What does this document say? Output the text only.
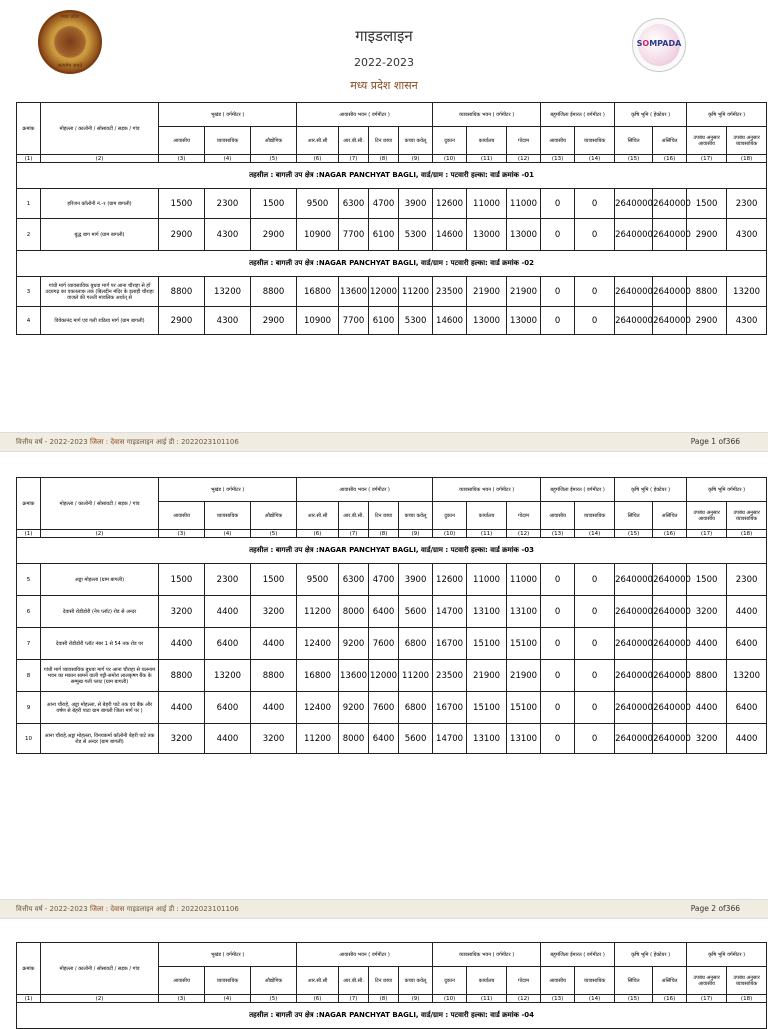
मध्य प्रदेश
सत्यमेव जयते
गाइडलाइन
2022-2023
मध्य प्रदेश शासन
SOMPADA
क्रमांक	मोहल्ला / कालोनी / सोसायटी / सड़क / गांव	भूखंड ( वर्गमीटर )			आवासीय भवन ( वर्गमीटर )				व्यावसायिक भवन ( वर्गमीटर )			बहुमंजिला ईमारत ( वर्गमीटर )		कृषि भूमि ( हेक्टेयर )		कृषि भूमि वर्गमीटर )	
		आवासीय	व्यावसायिक	औद्योगिक	आर.सी.सी	आर.बी.सी.	टिन छाया	कच्चा कवेलू	दुकान	कार्यालय	गोदाम	आवासीय	व्यावसायिक	सिंचित	असिंचित	उपबंध अनुसार आवासीय	उपबंध अनुसार व्यावसायिक
(1)	(2)	(3)	(4)	(5)	(6)	(7)	(8)	(9)	(10)	(11)	(12)	(13)	(14)	(15)	(16)	(17)	(18)
तहसील : बागली उप क्षेत्र :NAGAR PANCHYAT BAGLI, वार्ड/ग्राम : पटवारी हल्का: वार्ड क्रमांक -01																	
1	हरिजन कॉलोनी नं.-१ (ग्राम बागली)	1500	2300	1500	9500	6300	4700	3900	12600	11000	11000	0	0	2640000	2640000	1500	2300
2	बुद्ध बाग मार्ग (ग्राम बागली)	2900	4300	2900	10900	7700	6100	5300	14600	13000	13000	0	0	2640000	2640000	2900	4300
तहसील : बागली उप क्षेत्र :NAGAR PANCHYAT BAGLI, वार्ड/ग्राम : पटवारी हल्का: वार्ड क्रमांक -02																	
3	गांधी मार्ग व्यावसायिक बुधवा मार्ग पर आना चौराहा से हाँ उदयगढ़ का एकतलाक तक (बिलदीन मंदिर के इलाही चौराहा वाजले की गलती मावलिक अर्थात् से	8800	13200	8800	16800	13600	12000	11200	23500	21900	21900	0	0	2640000	2640000	8800	13200
4	विवेकानंद मार्ग एवं गली राठिया मार्ग (ग्राम बागली)	2900	4300	2900	10900	7700	6100	5300	14600	13000	13000	0	0	2640000	2640000	2900	4300
वित्तीय वर्ष - 2022-2023 जिला : देवास गाइडलाइन आई डी : 2022023101106	Page 1 of366
क्रमांक	मोहल्ला / कालोनी / सोसायटी / सड़क / गांव	भूखंड ( वर्गमीटर )			आवासीय भवन ( वर्गमीटर )				व्यावसायिक भवन ( वर्गमीटर )			बहुमंजिला ईमारत ( वर्गमीटर )		कृषि भूमि ( हेक्टेयर )		कृषि भूमि वर्गमीटर )	
		आवासीय	व्यावसायिक	औद्योगिक	आर.सी.सी	आर.बी.सी.	टिन छाया	कच्चा कवेलू	दुकान	कार्यालय	गोदाम	आवासीय	व्यावसायिक	सिंचित	असिंचित	उपबंध अनुसार आवासीय	उपबंध अनुसार व्यावसायिक
(1)	(2)	(3)	(4)	(5)	(6)	(7)	(8)	(9)	(10)	(11)	(12)	(13)	(14)	(15)	(16)	(17)	(18)
तहसील : बागली उप क्षेत्र :NAGAR PANCHYAT BAGLI, वार्ड/ग्राम : पटवारी हल्का: वार्ड क्रमांक -03																	
5	अड्डा मोहल्ला (ग्राम बागली)	1500	2300	1500	9500	6300	4700	3900	12600	11000	11000	0	0	2640000	2640000	1500	2300
6	देवासी रोडीडोरी (नेप प्लॉट) रोड से अन्दर	3200	4400	3200	11200	8000	6400	5600	14700	13100	13100	0	0	2640000	2640000	3200	4400
7	देवासी रोडीडोरी प्लॉट नंबर 1 से 54 तक रोड पर	4400	6400	4400	12400	9200	7600	6800	16700	15100	15100	0	0	2640000	2640000	4400	6400
8	गांधी मार्ग व्यावसायिक बुधवा मार्ग पर आना चौराहा से चलनाम भवन का मकान सामने वाली पट्टी-समोरा लालकृष्ण बैंक के सम्मुख गली प्लाट (ग्राम बागली)	8800	13200	8800	16800	13600	12000	11200	23500	21900	21900	0	0	2640000	2640000	8800	13200
9	आना चौराहे, अड्डा मोहल्ला, से बेहरी पाटे तक एवं बैंक और वर्षण से बेहरी पाटा ग्राम बागली जिला मार्ग पर )	4400	6400	4400	12400	9200	7600	6800	16700	15100	15100	0	0	2640000	2640000	4400	6400
10	आना चौराहे,अड्डा मोहल्ला, विनयकर्मा कॉलोनी बेहरी पाटे तक रोड से अन्दर (ग्राम बागली)	3200	4400	3200	11200	8000	6400	5600	14700	13100	13100	0	0	2640000	2640000	3200	4400
वित्तीय वर्ष - 2022-2023 जिला : देवास गाइडलाइन आई डी : 2022023101106	Page 2 of366
क्रमांक	मोहल्ला / कालोनी / सोसायटी / सड़क / गांव	भूखंड ( वर्गमीटर )			आवासीय भवन ( वर्गमीटर )				व्यावसायिक भवन ( वर्गमीटर )			बहुमंजिला ईमारत ( वर्गमीटर )		कृषि भूमि ( हेक्टेयर )		कृषि भूमि वर्गमीटर )	
		आवासीय	व्यावसायिक	औद्योगिक	आर.सी.सी	आर.बी.सी.	टिन छाया	कच्चा कवेलू	दुकान	कार्यालय	गोदाम	आवासीय	व्यावसायिक	सिंचित	असिंचित	उपबंध अनुसार आवासीय	उपबंध अनुसार व्यावसायिक
(1)	(2)	(3)	(4)	(5)	(6)	(7)	(8)	(9)	(10)	(11)	(12)	(13)	(14)	(15)	(16)	(17)	(18)
तहसील : बागली उप क्षेत्र :NAGAR PANCHYAT BAGLI, वार्ड/ग्राम : पटवारी हल्का: वार्ड क्रमांक -04																	
